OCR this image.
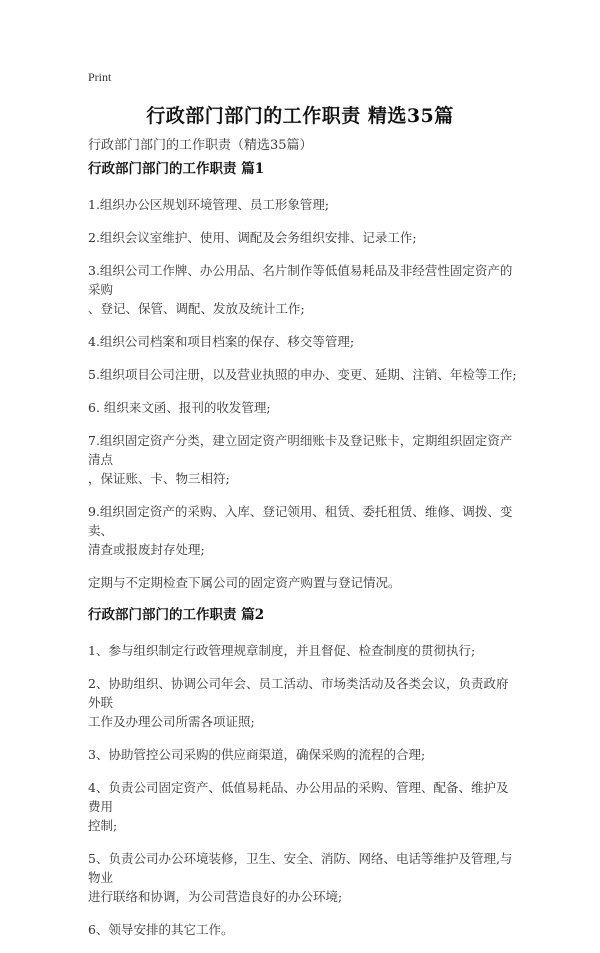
Print
行政部门部门的工作职责 精选35篇
行政部门部门的工作职责（精选35篇）
行政部门部门的工作职责 篇1
1.组织办公区规划环境管理、员工形象管理;
2.组织会议室维护、使用、调配及会务组织安排、记录工作;
3.组织公司工作牌、办公用品、名片制作等低值易耗品及非经营性固定资产的采购
、登记、保管、调配、发放及统计工作;
4.组织公司档案和项目档案的保存、移交等管理;
5.组织项目公司注册，以及营业执照的申办、变更、延期、注销、年检等工作;
6. 组织来文函、报刊的收发管理;
7.组织固定资产分类，建立固定资产明细账卡及登记账卡，定期组织固定资产清点
，保证账、卡、物三相符;
9.组织固定资产的采购、入库、登记领用、租赁、委托租赁、维修、调拨、变卖、
清查或报废封存处理;
定期与不定期检查下属公司的固定资产购置与登记情况。
行政部门部门的工作职责 篇2
1、参与组织制定行政管理规章制度，并且督促、检查制度的贯彻执行;
2、协助组织、协调公司年会、员工活动、市场类活动及各类会议，负责政府外联
工作及办理公司所需各项证照;
3、协助管控公司采购的供应商渠道，确保采购的流程的合理;
4、负责公司固定资产、低值易耗品、办公用品的采购、管理、配备、维护及费用
控制;
5、负责公司办公环境装修，卫生、安全、消防、网络、电话等维护及管理,与物业
进行联络和协调，为公司营造良好的办公环境;
6、领导安排的其它工作。
